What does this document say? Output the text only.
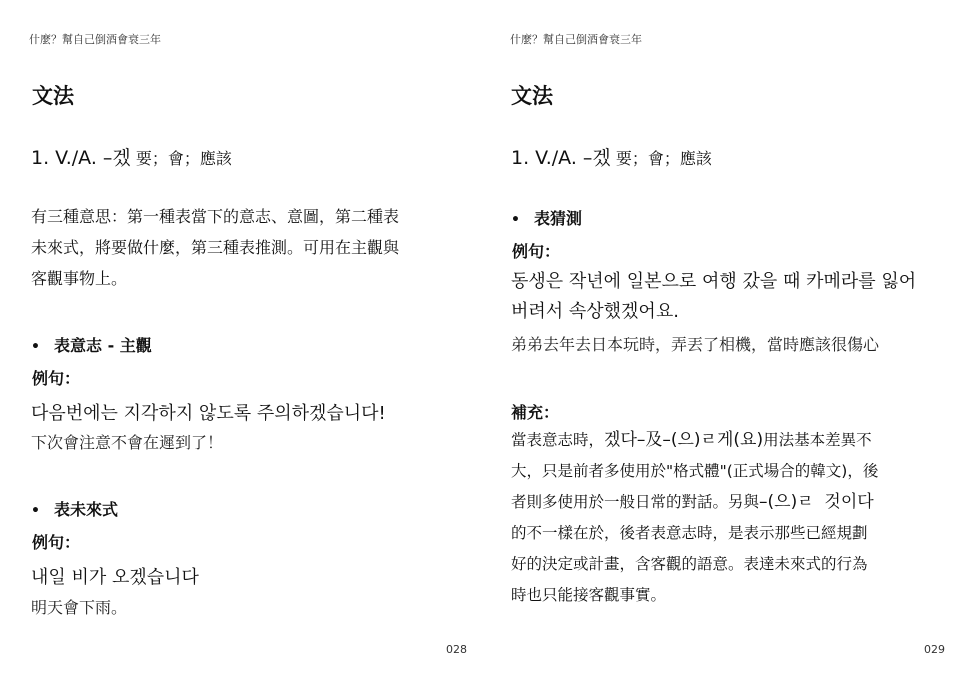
什麼？幫自己倒酒會衰三年
文法
1. V./A. –겠 要；會；應該
有三種意思：第一種表當下的意志、意圖，第二種表
未來式，將要做什麼，第三種表推測。可用在主觀與
客觀事物上。
• 表意志 - 主觀
例句：
다음번에는 지각하지 않도록 주의하겠습니다!
下次會注意不會在遲到了！
• 表未來式
例句：
내일 비가 오겠습니다
明天會下雨。
028
什麼？幫自己倒酒會衰三年
文法
1. V./A. –겠 要；會；應該
• 表猜測
例句：
동생은 작년에 일본으로 여행 갔을 때 카메라를 잃어버려서 속상했겠어요.
弟弟去年去日本玩時，弄丟了相機，當時應該很傷心
補充：
當表意志時，겠다–及–(으)ㄹ게(요)用法基本差異不
大，只是前者多使用於"格式體"(正式場合的韓文)，後
者則多使用於一般日常的對話。另與–(으)ㄹ  것이다
的不一樣在於，後者表意志時，是表示那些已經規劃
好的決定或計畫，含客觀的語意。表達未來式的行為
時也只能接客觀事實。
029
